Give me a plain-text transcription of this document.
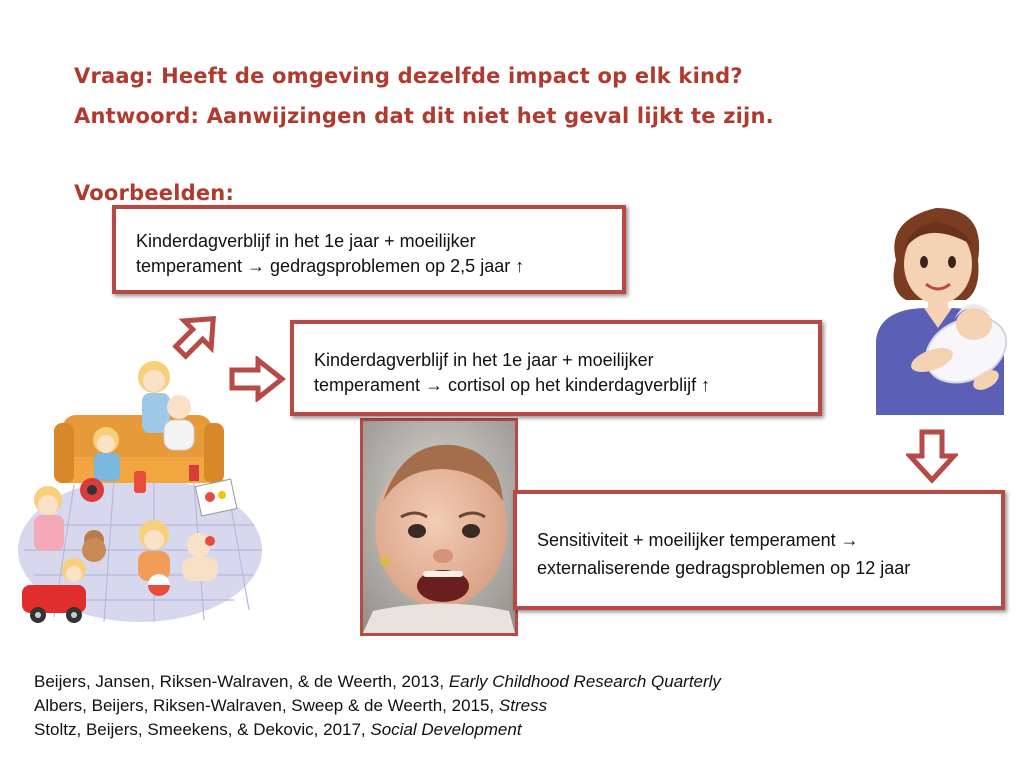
Vraag: Heeft de omgeving dezelfde impact op elk kind?
Antwoord: Aanwijzingen dat dit niet het geval lijkt te zijn.
Voorbeelden:
Kinderdagverblijf in het 1e jaar + moeilijker
temperament → gedragsproblemen op 2,5 jaar ↑
Kinderdagverblijf in het 1e jaar + moeilijker
temperament → cortisol op het kinderdagverblijf ↑
Sensitiviteit + moeilijker temperament →
externaliserende gedragsproblemen op 12 jaar
Beijers, Jansen, Riksen-Walraven, & de Weerth, 2013, Early Childhood Research Quarterly
Albers, Beijers, Riksen-Walraven, Sweep & de Weerth, 2015, Stress
Stoltz, Beijers, Smeekens, & Dekovic, 2017, Social Development
